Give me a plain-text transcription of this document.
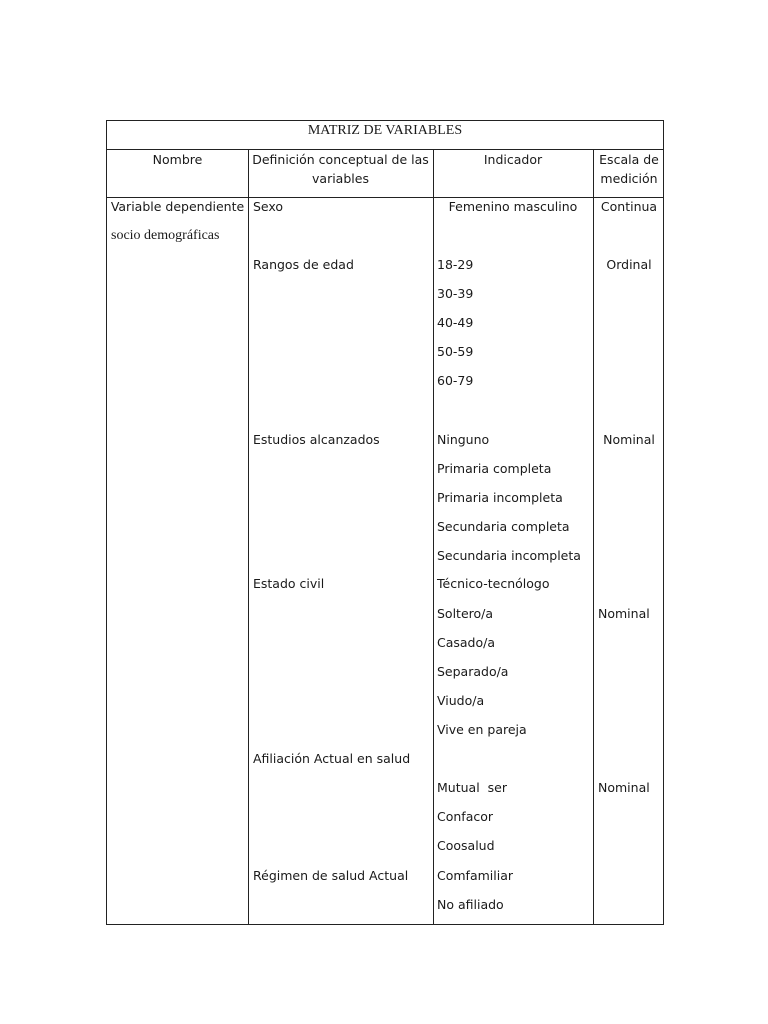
MATRIZ DE VARIABLES
Nombre	Definición conceptual de las
variables
Indicador	Escala de
medición
Variable dependiente
socio demográficas
Sexo
Rangos de edad
Estudios alcanzados
Estado civil
Afiliación Actual en salud
Régimen de salud Actual
Femenino masculino
18-29
30-39
40-49
50-59
60-79
Ninguno
Primaria completa
Primaria incompleta
Secundaria completa
Secundaria incompleta
Técnico-tecnólogo
Soltero/a
Casado/a
Separado/a
Viudo/a
Vive en pareja
Mutual  ser
Confacor
Coosalud
Comfamiliar
No afiliado
Continua
Ordinal
Nominal
Nominal
Nominal
